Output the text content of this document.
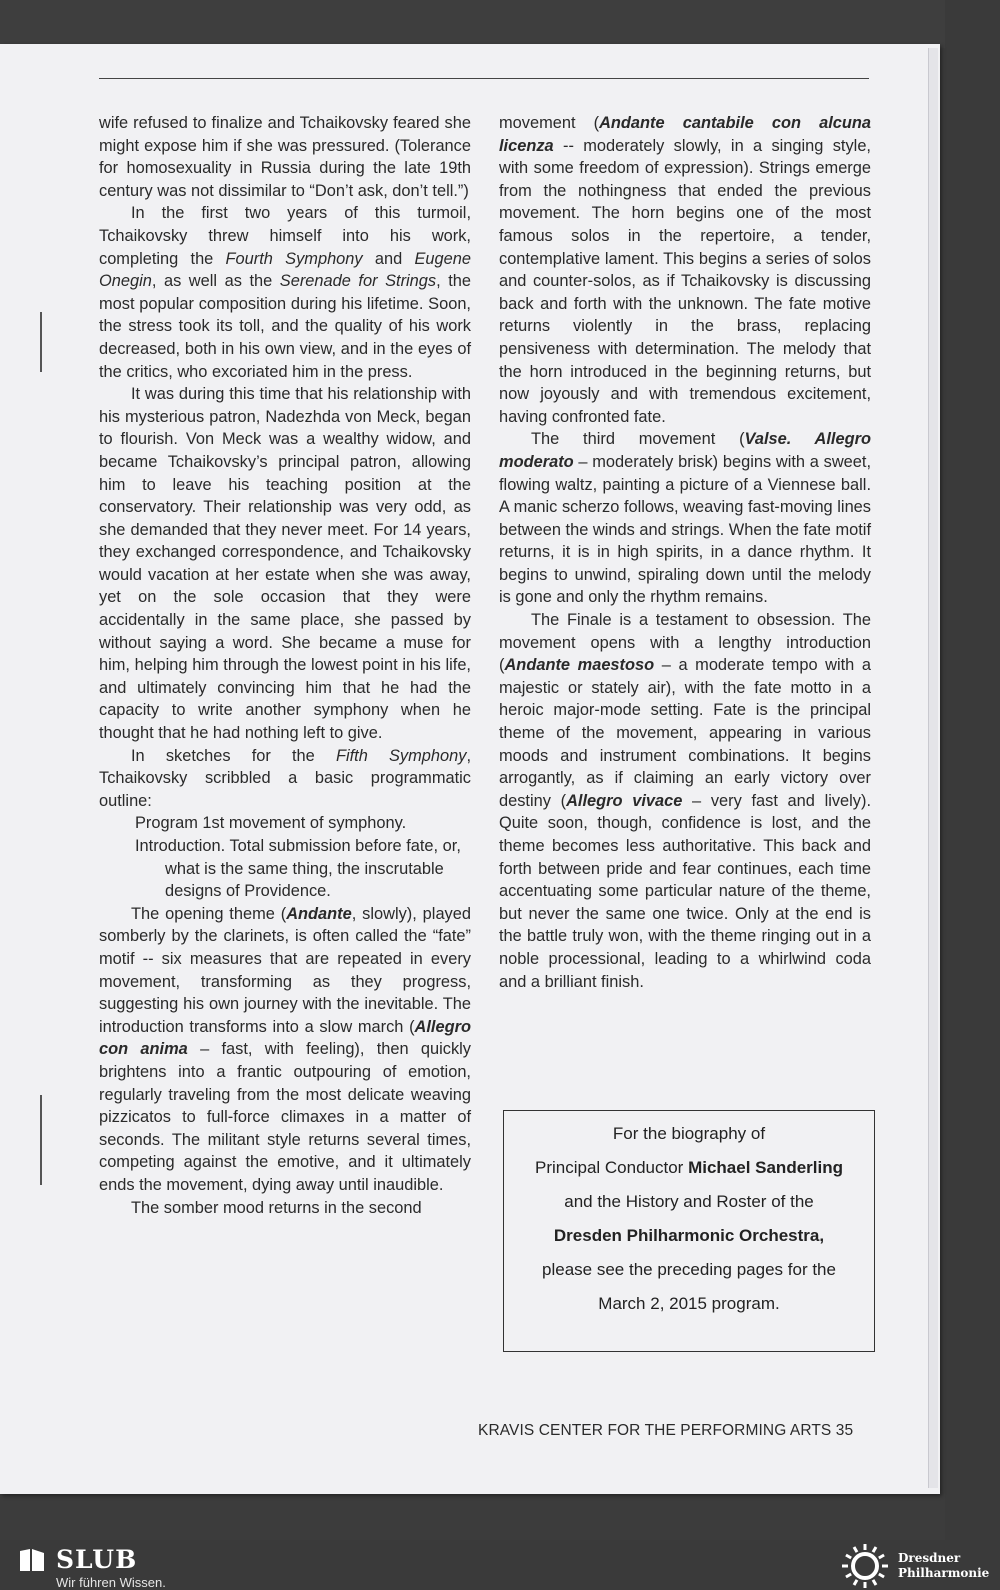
wife refused to finalize and Tchaikovsky feared she might expose him if she was pressured. (Tolerance for homosexuality in Russia during the late 19th century was not dissimilar to “Don’t ask, don’t tell.”)

In the first two years of this turmoil, Tchaikovsky threw himself into his work, completing the Fourth Symphony and Eugene Onegin, as well as the Serenade for Strings, the most popular composition during his lifetime. Soon, the stress took its toll, and the quality of his work decreased, both in his own view, and in the eyes of the critics, who excoriated him in the press.

It was during this time that his relationship with his mysterious patron, Nadezhda von Meck, began to flourish. Von Meck was a wealthy widow, and became Tchaikovsky’s principal patron, allowing him to leave his teaching position at the conservatory. Their relationship was very odd, as she demanded that they never meet. For 14 years, they exchanged correspondence, and Tchaikovsky would vacation at her estate when she was away, yet on the sole occasion that they were accidentally in the same place, she passed by without saying a word. She became a muse for him, helping him through the lowest point in his life, and ultimately convincing him that he had the capacity to write another symphony when he thought that he had nothing left to give.

In sketches for the Fifth Symphony, Tchaikovsky scribbled a basic programmatic outline:

Program 1st movement of symphony.

Introduction. Total submission before fate, or, what is the same thing, the inscrutable designs of Providence.

The opening theme (Andante, slowly), played somberly by the clarinets, is often called the “fate” motif -- six measures that are repeated in every movement, transforming as they progress, suggesting his own journey with the inevitable. The introduction transforms into a slow march (Allegro con anima – fast, with feeling), then quickly brightens into a frantic outpouring of emotion, regularly traveling from the most delicate weaving pizzicatos to full-force climaxes in a matter of seconds. The militant style returns several times, competing against the emotive, and it ultimately ends the movement, dying away until inaudible.

The somber mood returns in the second

movement (Andante cantabile con alcuna licenza -- moderately slowly, in a singing style, with some freedom of expression). Strings emerge from the nothingness that ended the previous movement. The horn begins one of the most famous solos in the repertoire, a tender, contemplative lament. This begins a series of solos and counter-solos, as if Tchaikovsky is discussing back and forth with the unknown. The fate motive returns violently in the brass, replacing pensiveness with determination. The melody that the horn introduced in the beginning returns, but now joyously and with tremendous excitement, having confronted fate.

The third movement (Valse. Allegro moderato – moderately brisk) begins with a sweet, flowing waltz, painting a picture of a Viennese ball. A manic scherzo follows, weaving fast-moving lines between the winds and strings. When the fate motif returns, it is in high spirits, in a dance rhythm. It begins to unwind, spiraling down until the melody is gone and only the rhythm remains.

The Finale is a testament to obsession. The movement opens with a lengthy introduction (Andante maestoso – a moderate tempo with a majestic or stately air), with the fate motto in a heroic major-mode setting. Fate is the principal theme of the movement, appearing in various moods and instrument combinations. It begins arrogantly, as if claiming an early victory over destiny (Allegro vivace – very fast and lively). Quite soon, though, confidence is lost, and the theme becomes less authoritative. This back and forth between pride and fear continues, each time accentuating some particular nature of the theme, but never the same one twice. Only at the end is the battle truly won, with the theme ringing out in a noble processional, leading to a whirlwind coda and a brilliant finish.

For the biography of
Principal Conductor Michael Sanderling
and the History and Roster of the
Dresden Philharmonic Orchestra,
please see the preceding pages for the
March 2, 2015 program.
KRAVIS CENTER FOR THE PERFORMING ARTS 35
SLUB
Wir führen Wissen.
Dresdner
Philharmonie
